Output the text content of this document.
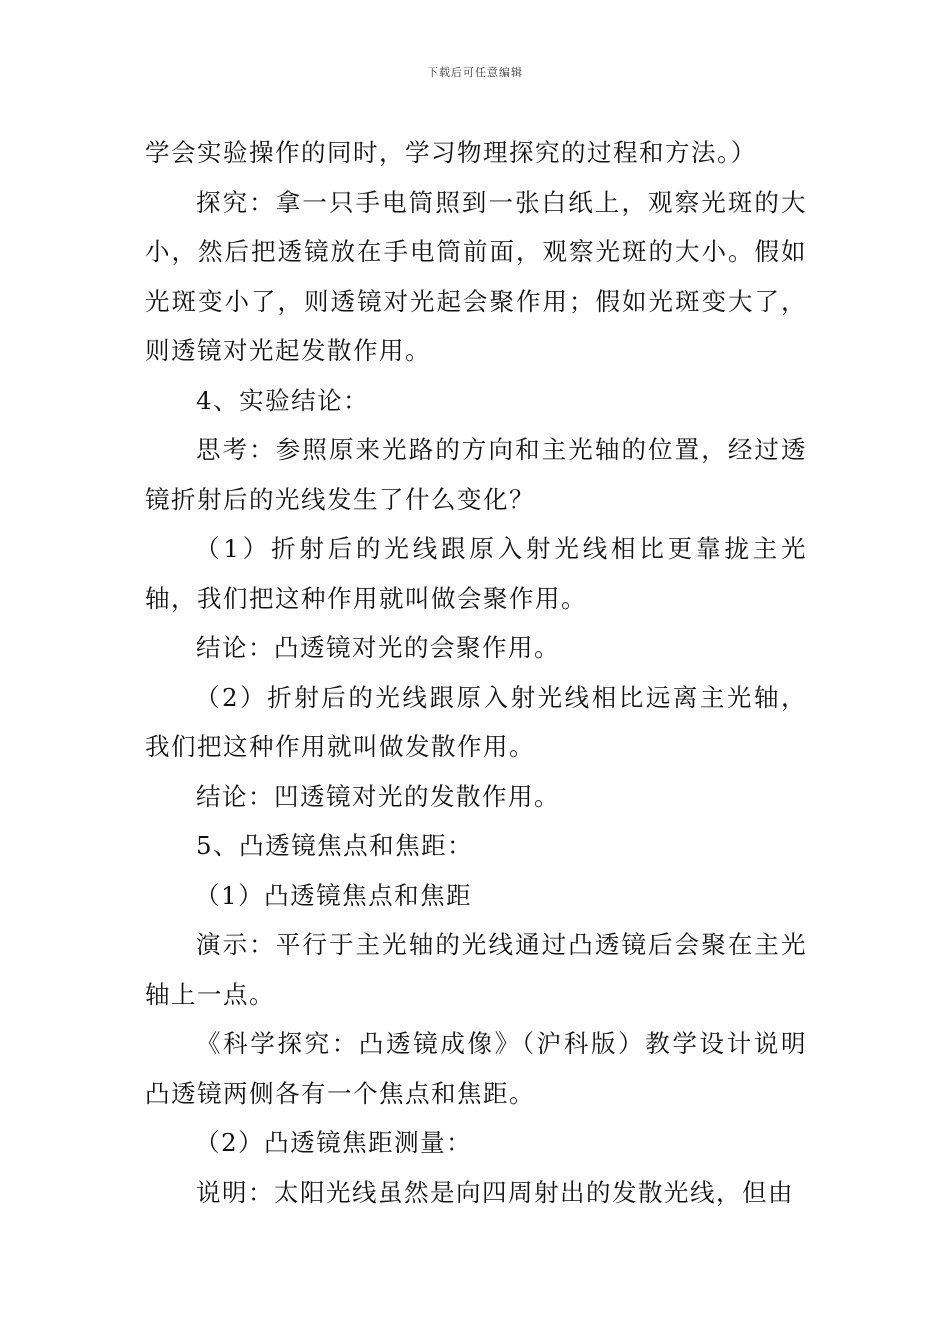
下载后可任意编辑

学会实验操作的同时，学习物理探究的过程和方法。）

探究：拿一只手电筒照到一张白纸上，观察光斑的大小，然后把透镜放在手电筒前面，观察光斑的大小。假如光斑变小了，则透镜对光起会聚作用；假如光斑变大了，则透镜对光起发散作用。

4、实验结论：

思考：参照原来光路的方向和主光轴的位置，经过透镜折射后的光线发生了什么变化？

（1）折射后的光线跟原入射光线相比更靠拢主光轴，我们把这种作用就叫做会聚作用。

结论：凸透镜对光的会聚作用。

（2）折射后的光线跟原入射光线相比远离主光轴，我们把这种作用就叫做发散作用。

结论：凹透镜对光的发散作用。

5、凸透镜焦点和焦距：

（1）凸透镜焦点和焦距

演示：平行于主光轴的光线通过凸透镜后会聚在主光轴上一点。

《科学探究：凸透镜成像》（沪科版）教学设计说明凸透镜两侧各有一个焦点和焦距。

（2）凸透镜焦距测量：

说明：太阳光线虽然是向四周射出的发散光线，但由
